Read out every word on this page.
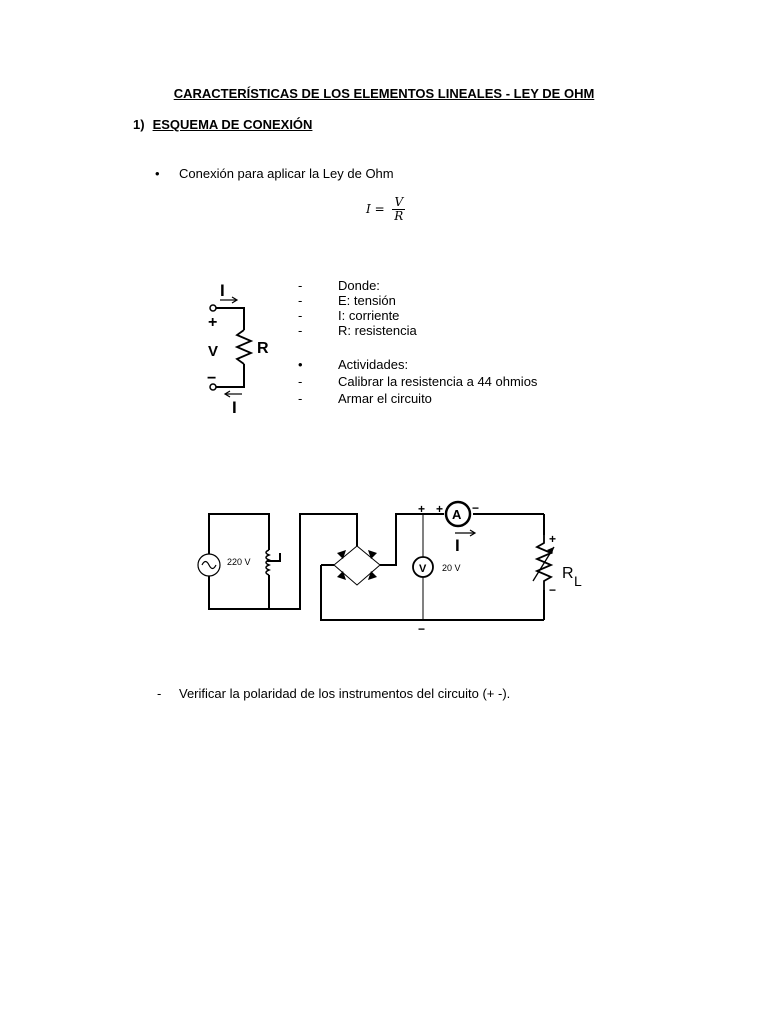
CARACTERÍSTICAS DE LOS ELEMENTOS LINEALES - LEY DE OHM
1) ESQUEMA DE CONEXIÓN
• Conexión para aplicar la Ley de Ohm
$I = \frac{V}{R}$
I
+
V R
−
I
-	Donde:
-	E: tensión
-	I: corriente
-	R: resistencia
•	Actividades:
-	Calibrar la resistencia a 44 ohmios
-	Armar el circuito
220 V
V 20 V
A
+ + −
I
−
+
−
R L
- Verificar la polaridad de los instrumentos del circuito (+ -).
